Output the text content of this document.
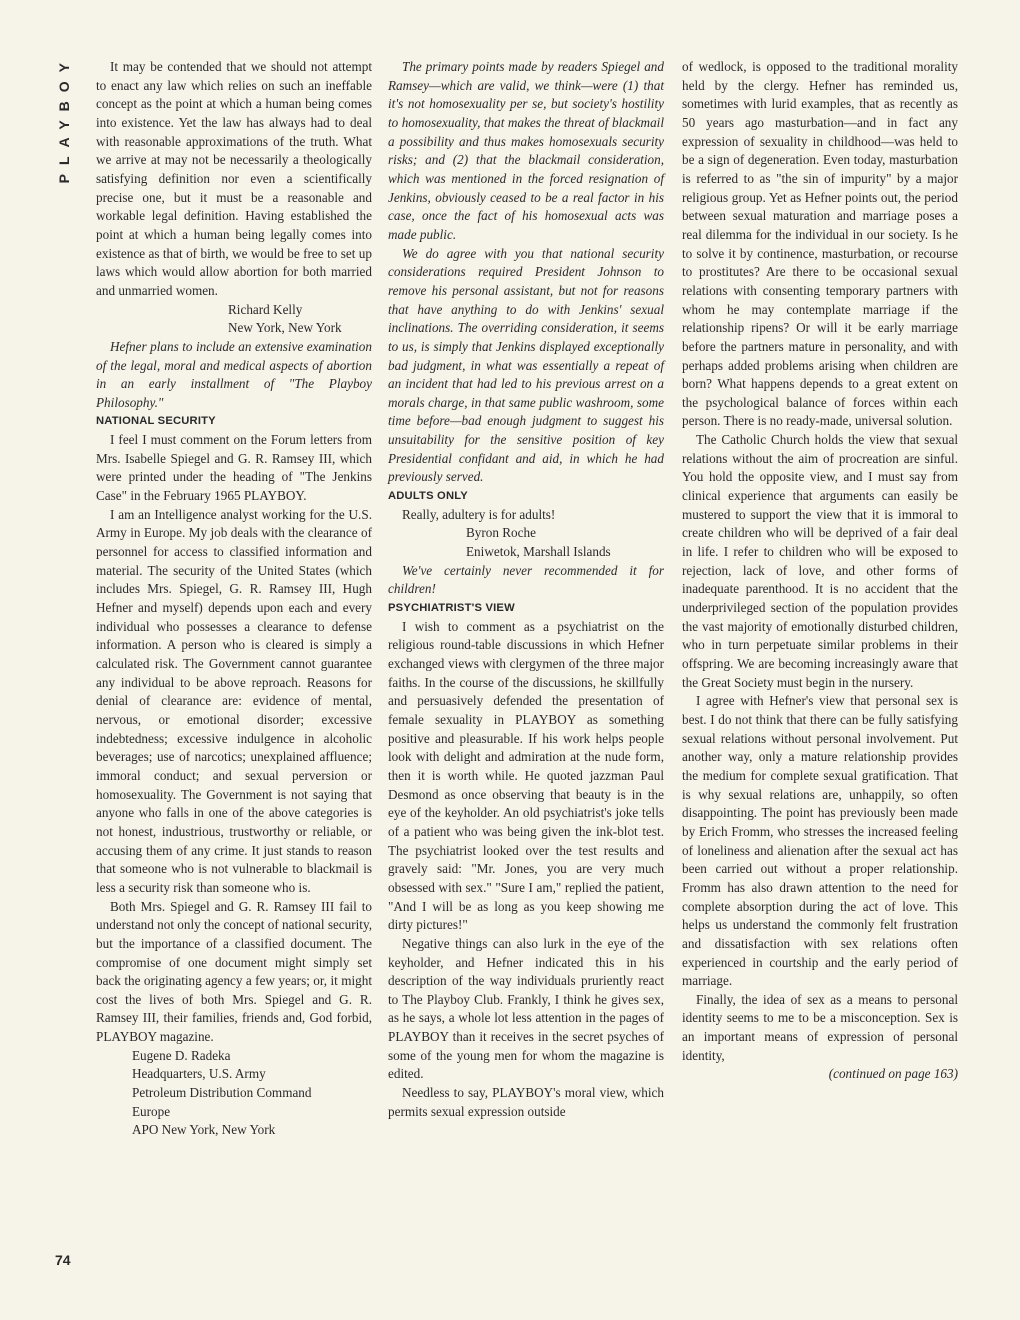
PLAYBOY
74

It may be contended that we should not attempt to enact any law which relies on such an ineffable concept as the point at which a human being comes into existence. Yet the law has always had to deal with reasonable approximations of the truth. What we arrive at may not be necessarily a theologically satisfying definition nor even a scientifically precise one, but it must be a reasonable and workable legal definition. Having established the point at which a human being legally comes into existence as that of birth, we would be free to set up laws which would allow abortion for both married and unmarried women.

Richard Kelly

New York, New York

Hefner plans to include an extensive examination of the legal, moral and medical aspects of abortion in an early installment of "The Playboy Philosophy."

NATIONAL SECURITY

I feel I must comment on the Forum letters from Mrs. Isabelle Spiegel and G. R. Ramsey III, which were printed under the heading of "The Jenkins Case" in the February 1965 PLAYBOY.

I am an Intelligence analyst working for the U.S. Army in Europe. My job deals with the clearance of personnel for access to classified information and material. The security of the United States (which includes Mrs. Spiegel, G. R. Ramsey III, Hugh Hefner and myself) depends upon each and every individual who possesses a clearance to defense information. A person who is cleared is simply a calculated risk. The Government cannot guarantee any individual to be above reproach. Reasons for denial of clearance are: evidence of mental, nervous, or emotional disorder; excessive indebtedness; excessive indulgence in alcoholic beverages; use of narcotics; unexplained affluence; immoral conduct; and sexual perversion or homosexuality. The Government is not saying that anyone who falls in one of the above categories is not honest, industrious, trustworthy or reliable, or accusing them of any crime. It just stands to reason that someone who is not vulnerable to blackmail is less a security risk than someone who is.

Both Mrs. Spiegel and G. R. Ramsey III fail to understand not only the concept of national security, but the importance of a classified document. The compromise of one document might simply set back the originating agency a few years; or, it might cost the lives of both Mrs. Spiegel and G. R. Ramsey III, their families, friends and, God forbid, PLAYBOY magazine.

Eugene D. Radeka

Headquarters, U.S. Army

Petroleum Distribution Command

Europe

APO New York, New York

The primary points made by readers Spiegel and Ramsey—which are valid, we think—were (1) that it's not homosexuality per se, but society's hostility to homosexuality, that makes the threat of blackmail a possibility and thus makes homosexuals security risks; and (2) that the blackmail consideration, which was mentioned in the forced resignation of Jenkins, obviously ceased to be a real factor in his case, once the fact of his homosexual acts was made public.

We do agree with you that national security considerations required President Johnson to remove his personal assistant, but not for reasons that have anything to do with Jenkins' sexual inclinations. The overriding consideration, it seems to us, is simply that Jenkins displayed exceptionally bad judgment, in what was essentially a repeat of an incident that had led to his previous arrest on a morals charge, in that same public washroom, some time before—bad enough judgment to suggest his unsuitability for the sensitive position of key Presidential confidant and aid, in which he had previously served.

ADULTS ONLY

Really, adultery is for adults!

Byron Roche

Eniwetok, Marshall Islands

We've certainly never recommended it for children!

PSYCHIATRIST'S VIEW

I wish to comment as a psychiatrist on the religious round-table discussions in which Hefner exchanged views with clergymen of the three major faiths. In the course of the discussions, he skillfully and persuasively defended the presentation of female sexuality in PLAYBOY as something positive and pleasurable. If his work helps people look with delight and admiration at the nude form, then it is worth while. He quoted jazzman Paul Desmond as once observing that beauty is in the eye of the keyholder. An old psychiatrist's joke tells of a patient who was being given the ink-blot test. The psychiatrist looked over the test results and gravely said: "Mr. Jones, you are very much obsessed with sex." "Sure I am," replied the patient, "And I will be as long as you keep showing me dirty pictures!"

Negative things can also lurk in the eye of the keyholder, and Hefner indicated this in his description of the way individuals pruriently react to The Playboy Club. Frankly, I think he gives sex, as he says, a whole lot less attention in the pages of PLAYBOY than it receives in the secret psyches of some of the young men for whom the magazine is edited.

Needless to say, PLAYBOY's moral view, which permits sexual expression outside

of wedlock, is opposed to the traditional morality held by the clergy. Hefner has reminded us, sometimes with lurid examples, that as recently as 50 years ago masturbation—and in fact any expression of sexuality in childhood—was held to be a sign of degeneration. Even today, masturbation is referred to as "the sin of impurity" by a major religious group. Yet as Hefner points out, the period between sexual maturation and marriage poses a real dilemma for the individual in our society. Is he to solve it by continence, masturbation, or recourse to prostitutes? Are there to be occasional sexual relations with consenting temporary partners with whom he may contemplate marriage if the relationship ripens? Or will it be early marriage before the partners mature in personality, and with perhaps added problems arising when children are born? What happens depends to a great extent on the psychological balance of forces within each person. There is no ready-made, universal solution.

The Catholic Church holds the view that sexual relations without the aim of procreation are sinful. You hold the opposite view, and I must say from clinical experience that arguments can easily be mustered to support the view that it is immoral to create children who will be deprived of a fair deal in life. I refer to children who will be exposed to rejection, lack of love, and other forms of inadequate parenthood. It is no accident that the underprivileged section of the population provides the vast majority of emotionally disturbed children, who in turn perpetuate similar problems in their offspring. We are becoming increasingly aware that the Great Society must begin in the nursery.

I agree with Hefner's view that personal sex is best. I do not think that there can be fully satisfying sexual relations without personal involvement. Put another way, only a mature relationship provides the medium for complete sexual gratification. That is why sexual relations are, unhappily, so often disappointing. The point has previously been made by Erich Fromm, who stresses the increased feeling of loneliness and alienation after the sexual act has been carried out without a proper relationship. Fromm has also drawn attention to the need for complete absorption during the act of love. This helps us understand the commonly felt frustration and dissatisfaction with sex relations often experienced in courtship and the early period of marriage.

Finally, the idea of sex as a means to personal identity seems to me to be a misconception. Sex is an important means of expression of personal identity,

(continued on page 163)
